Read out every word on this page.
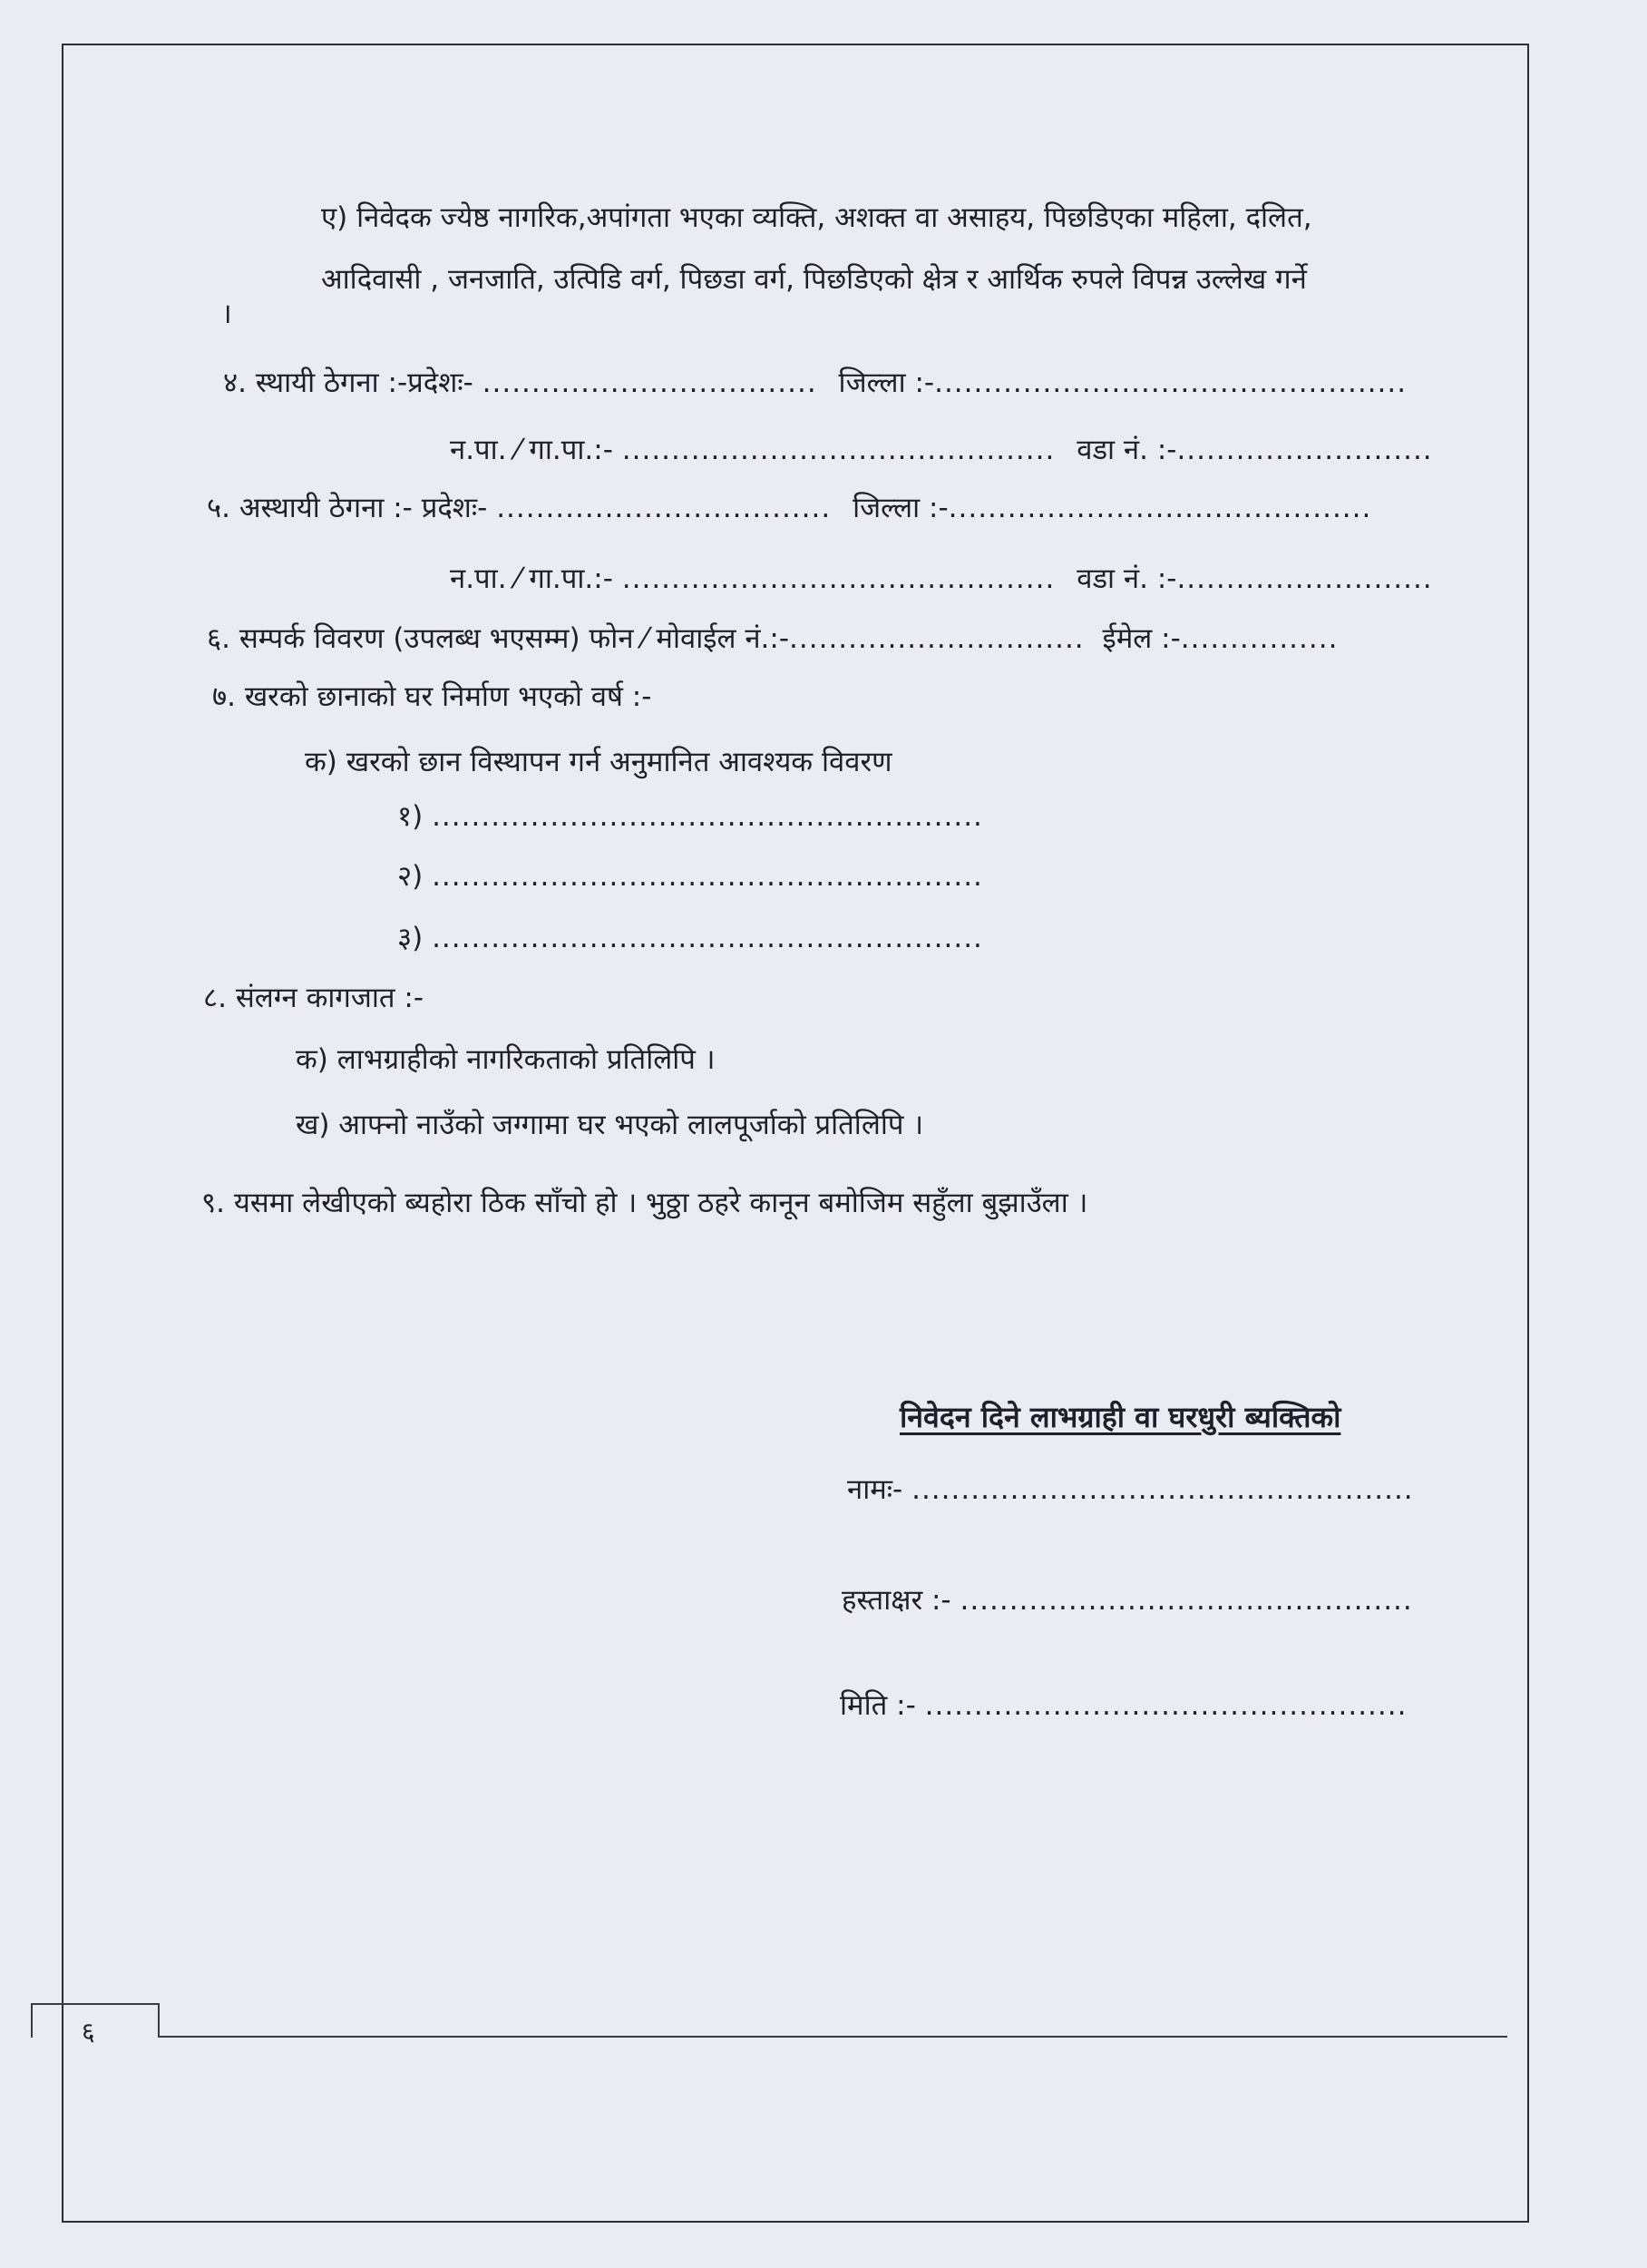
ए) निवेदक ज्येष्ठ नागरिक,अपांगता भएका व्यक्ति, अशक्त वा असाहय, पिछडिएका महिला, दलित,
आदिवासी , जनजाति, उत्पिडि वर्ग, पिछडा वर्ग, पिछडिएको क्षेत्र र आर्थिक रुपले विपन्न उल्लेख गर्ने
।
४. स्थायी ठेगना :-प्रदेशः- .................................. जिल्ला :-................................................
न.पा. ⁄ गा.पा.:- ............................................ वडा नं. :-..........................
५. अस्थायी ठेगना :- प्रदेशः- .................................. जिल्ला :-...........................................
न.पा. ⁄ गा.पा.:- ............................................ वडा नं. :-..........................
६. सम्पर्क विवरण (उपलब्ध भएसम्म) फोन ⁄ मोवाईल नं.:-.............................. ईमेल :-................
७. खरको छानाको घर निर्माण भएको वर्ष :-
क) खरको छान विस्थापन गर्न अनुमानित आवश्यक विवरण
१) ........................................................
२) ........................................................
३) ........................................................
८. संलग्न कागजात :-
क) लाभग्राहीको नागरिकताको प्रतिलिपि ।
ख) आफ्नो नाउँको जग्गामा घर भएको लालपूर्जाको प्रतिलिपि ।
९. यसमा लेखीएको ब्यहोरा ठिक साँचो हो । भुठ्ठा ठहरे कानून बमोजिम सहुँला बुझाउँला ।
निवेदन दिने लाभग्राही वा घरधुरी ब्यक्तिको
नामः- ...................................................
हस्ताक्षर :- ..............................................
मिति :- .................................................
६
